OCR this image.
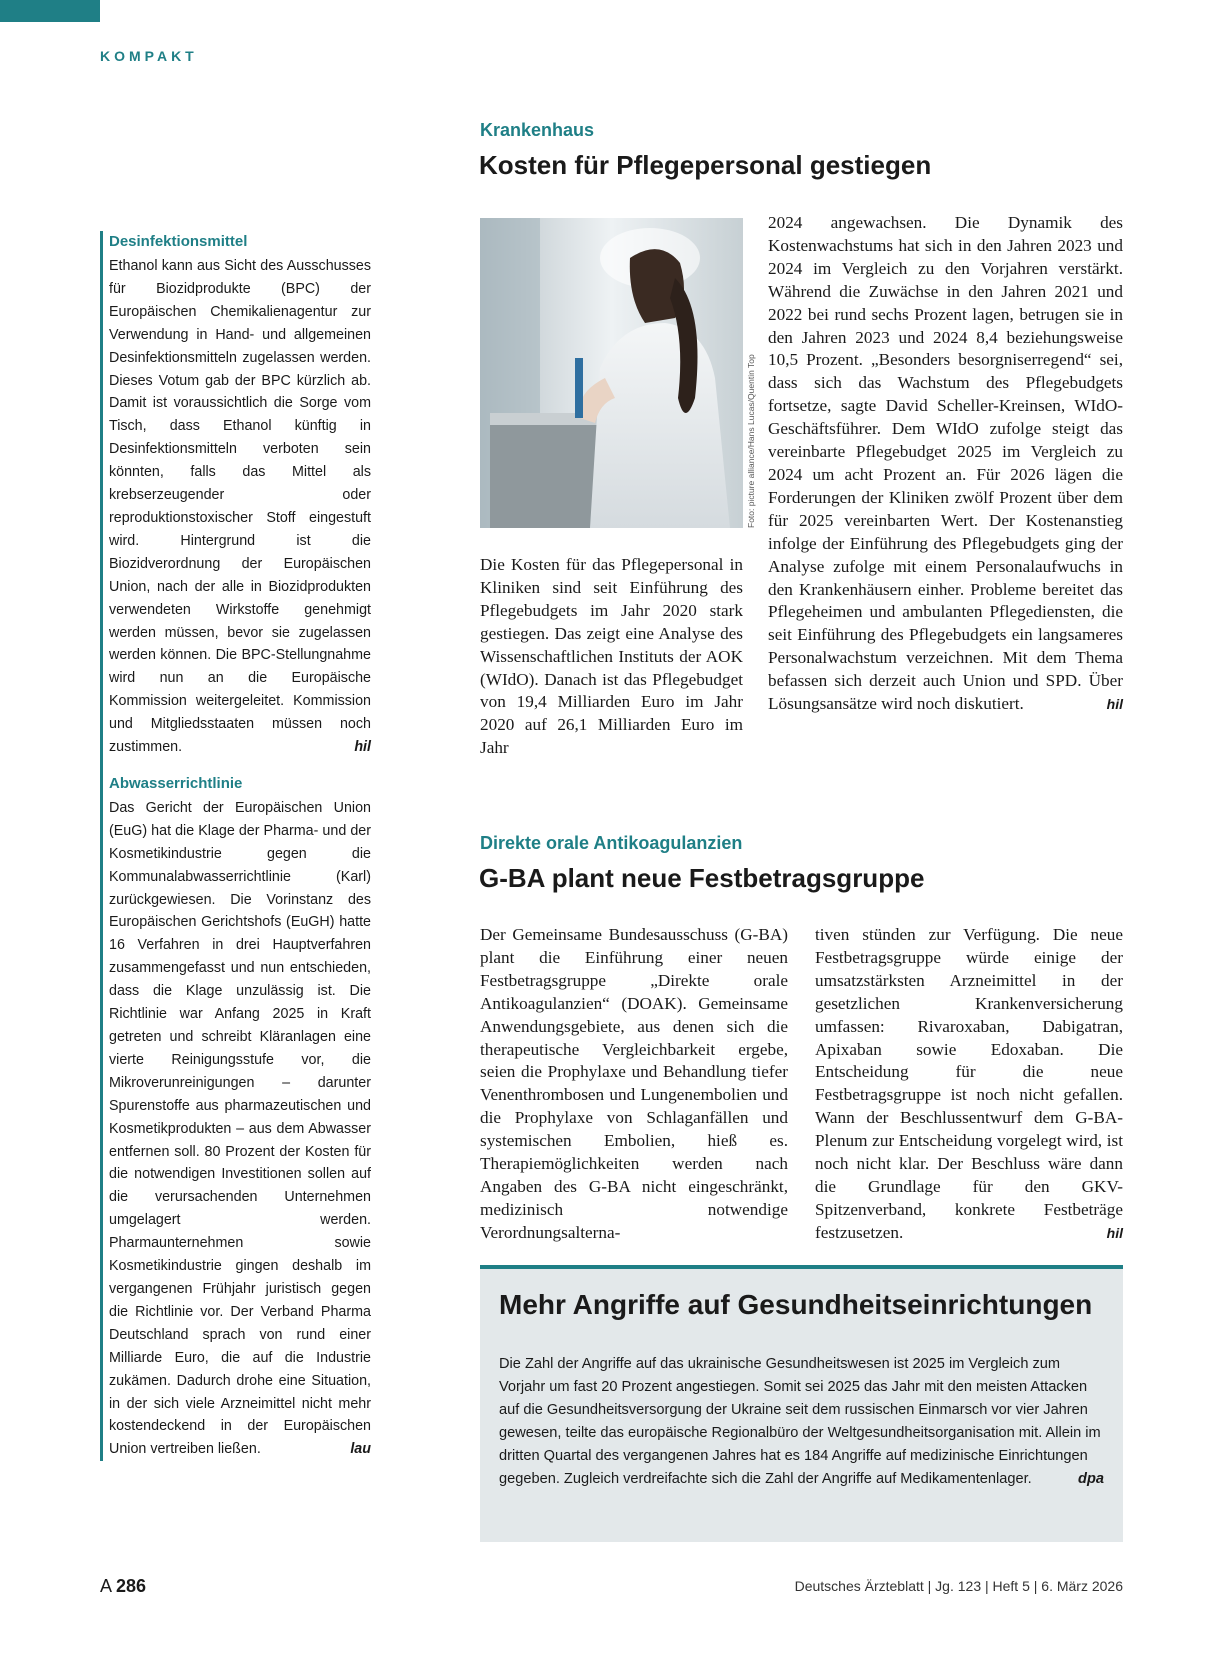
KOMPAKT

Desinfektionsmittel

Ethanol kann aus Sicht des Ausschusses für Biozidprodukte (BPC) der Europäischen Chemikalienagentur zur Verwendung in Hand- und allgemeinen Desinfektionsmitteln zugelassen werden. Dieses Votum gab der BPC kürzlich ab. Damit ist voraussichtlich die Sorge vom Tisch, dass Ethanol künftig in Desinfektionsmitteln verboten sein könnten, falls das Mittel als krebserzeugender oder reproduktionstoxischer Stoff eingestuft wird. Hintergrund ist die Biozidverordnung der Europäischen Union, nach der alle in Biozidprodukten verwendeten Wirkstoffe genehmigt werden müssen, bevor sie zugelassen werden können. Die BPC-Stellungnahme wird nun an die Europäische Kommission weitergeleitet. Kommission und Mitgliedsstaaten müssen noch zustimmen.	hil

Abwasserrichtlinie

Das Gericht der Europäischen Union (EuG) hat die Klage der Pharma- und der Kosmetikindustrie gegen die Kommunalabwasserrichtlinie (Karl) zurückgewiesen. Die Vorinstanz des Europäischen Gerichtshofs (EuGH) hatte 16 Verfahren in drei Hauptverfahren zusammengefasst und nun entschieden, dass die Klage unzulässig ist. Die Richtlinie war Anfang 2025 in Kraft getreten und schreibt Kläranlagen eine vierte Reinigungsstufe vor, die Mikroverunreinigungen – darunter Spurenstoffe aus pharmazeutischen und Kosmetikprodukten – aus dem Abwasser entfernen soll. 80 Prozent der Kosten für die notwendigen Investitionen sollen auf die verursachenden Unternehmen umgelagert werden. Pharmaunternehmen sowie Kosmetikindustrie gingen deshalb im vergangenen Frühjahr juristisch gegen die Richtlinie vor. Der Verband Pharma Deutschland sprach von rund einer Milliarde Euro, die auf die Industrie zukämen. Dadurch drohe eine Situation, in der sich viele Arzneimittel nicht mehr kostendeckend in der Europäischen Union vertreiben ließen.	lau

Krankenhaus
Kosten für Pflegepersonal gestiegen
Foto: picture alliance/Hans Lucas/Quentin Top

Die Kosten für das Pflegepersonal in Kliniken sind seit Einführung des Pflegebudgets im Jahr 2020 stark gestiegen. Das zeigt eine Analyse des Wissenschaftlichen Instituts der AOK (WIdO). Danach ist das Pflegebudget von 19,4 Milliarden Euro im Jahr 2020 auf 26,1 Milliarden Euro im Jahr

2024 angewachsen. Die Dynamik des Kostenwachstums hat sich in den Jahren 2023 und 2024 im Vergleich zu den Vorjahren verstärkt. Während die Zuwächse in den Jahren 2021 und 2022 bei rund sechs Prozent lagen, betrugen sie in den Jahren 2023 und 2024 8,4 beziehungsweise 10,5 Prozent. „Besonders besorgniserregend“ sei, dass sich das Wachstum des Pflegebudgets fortsetze, sagte David Scheller-Kreinsen, WIdO-Geschäftsführer. Dem WIdO zufolge steigt das vereinbarte Pflegebudget 2025 im Vergleich zu 2024 um acht Prozent an. Für 2026 lägen die Forderungen der Kliniken zwölf Prozent über dem für 2025 vereinbarten Wert. Der Kostenanstieg infolge der Einführung des Pflegebudgets ging der Analyse zufolge mit einem Personalaufwuchs in den Krankenhäusern einher. Probleme bereitet das Pflegeheimen und ambulanten Pflegediensten, die seit Einführung des Pflegebudgets ein langsameres Personalwachstum verzeichnen. Mit dem Thema befassen sich derzeit auch Union und SPD. Über Lösungsansätze wird noch diskutiert.	hil

Direkte orale Antikoagulanzien
G-BA plant neue Festbetragsgruppe

Der Gemeinsame Bundesausschuss (G-BA) plant die Einführung einer neuen Festbetragsgruppe „Direkte orale Antikoagulanzien“ (DOAK). Gemeinsame Anwendungsgebiete, aus denen sich die therapeutische Vergleichbarkeit ergebe, seien die Prophylaxe und Behandlung tiefer Venenthrombosen und Lungenembolien und die Prophylaxe von Schlaganfällen und systemischen Embolien, hieß es. Therapiemöglichkeiten werden nach Angaben des G-BA nicht eingeschränkt, medizinisch notwendige Verordnungsalterna-

tiven stünden zur Verfügung. Die neue Festbetragsgruppe würde einige der umsatzstärksten Arzneimittel in der gesetzlichen Krankenversicherung umfassen: Rivaroxaban, Dabigatran, Apixaban sowie Edoxaban. Die Entscheidung für die neue Festbetragsgruppe ist noch nicht gefallen. Wann der Beschlussentwurf dem G-BA-Plenum zur Entscheidung vorgelegt wird, ist noch nicht klar. Der Beschluss wäre dann die Grundlage für den GKV-Spitzenverband, konkrete Festbeträge festzusetzen.	hil

Mehr Angriffe auf Gesundheitseinrichtungen

Die Zahl der Angriffe auf das ukrainische Gesundheitswesen ist 2025 im Vergleich zum Vorjahr um fast 20 Prozent angestiegen. Somit sei 2025 das Jahr mit den meisten Attacken auf die Gesundheitsversorgung der Ukraine seit dem russischen Einmarsch vor vier Jahren gewesen, teilte das europäische Regionalbüro der Weltgesundheitsorganisation mit. Allein im dritten Quartal des vergangenen Jahres hat es 184 Angriffe auf medizinische Einrichtungen gegeben. Zugleich verdreifachte sich die Zahl der Angriffe auf Medikamentenlager.	dpa

A 286	Deutsches Ärzteblatt | Jg. 123 | Heft 5 | 6. März 2026
